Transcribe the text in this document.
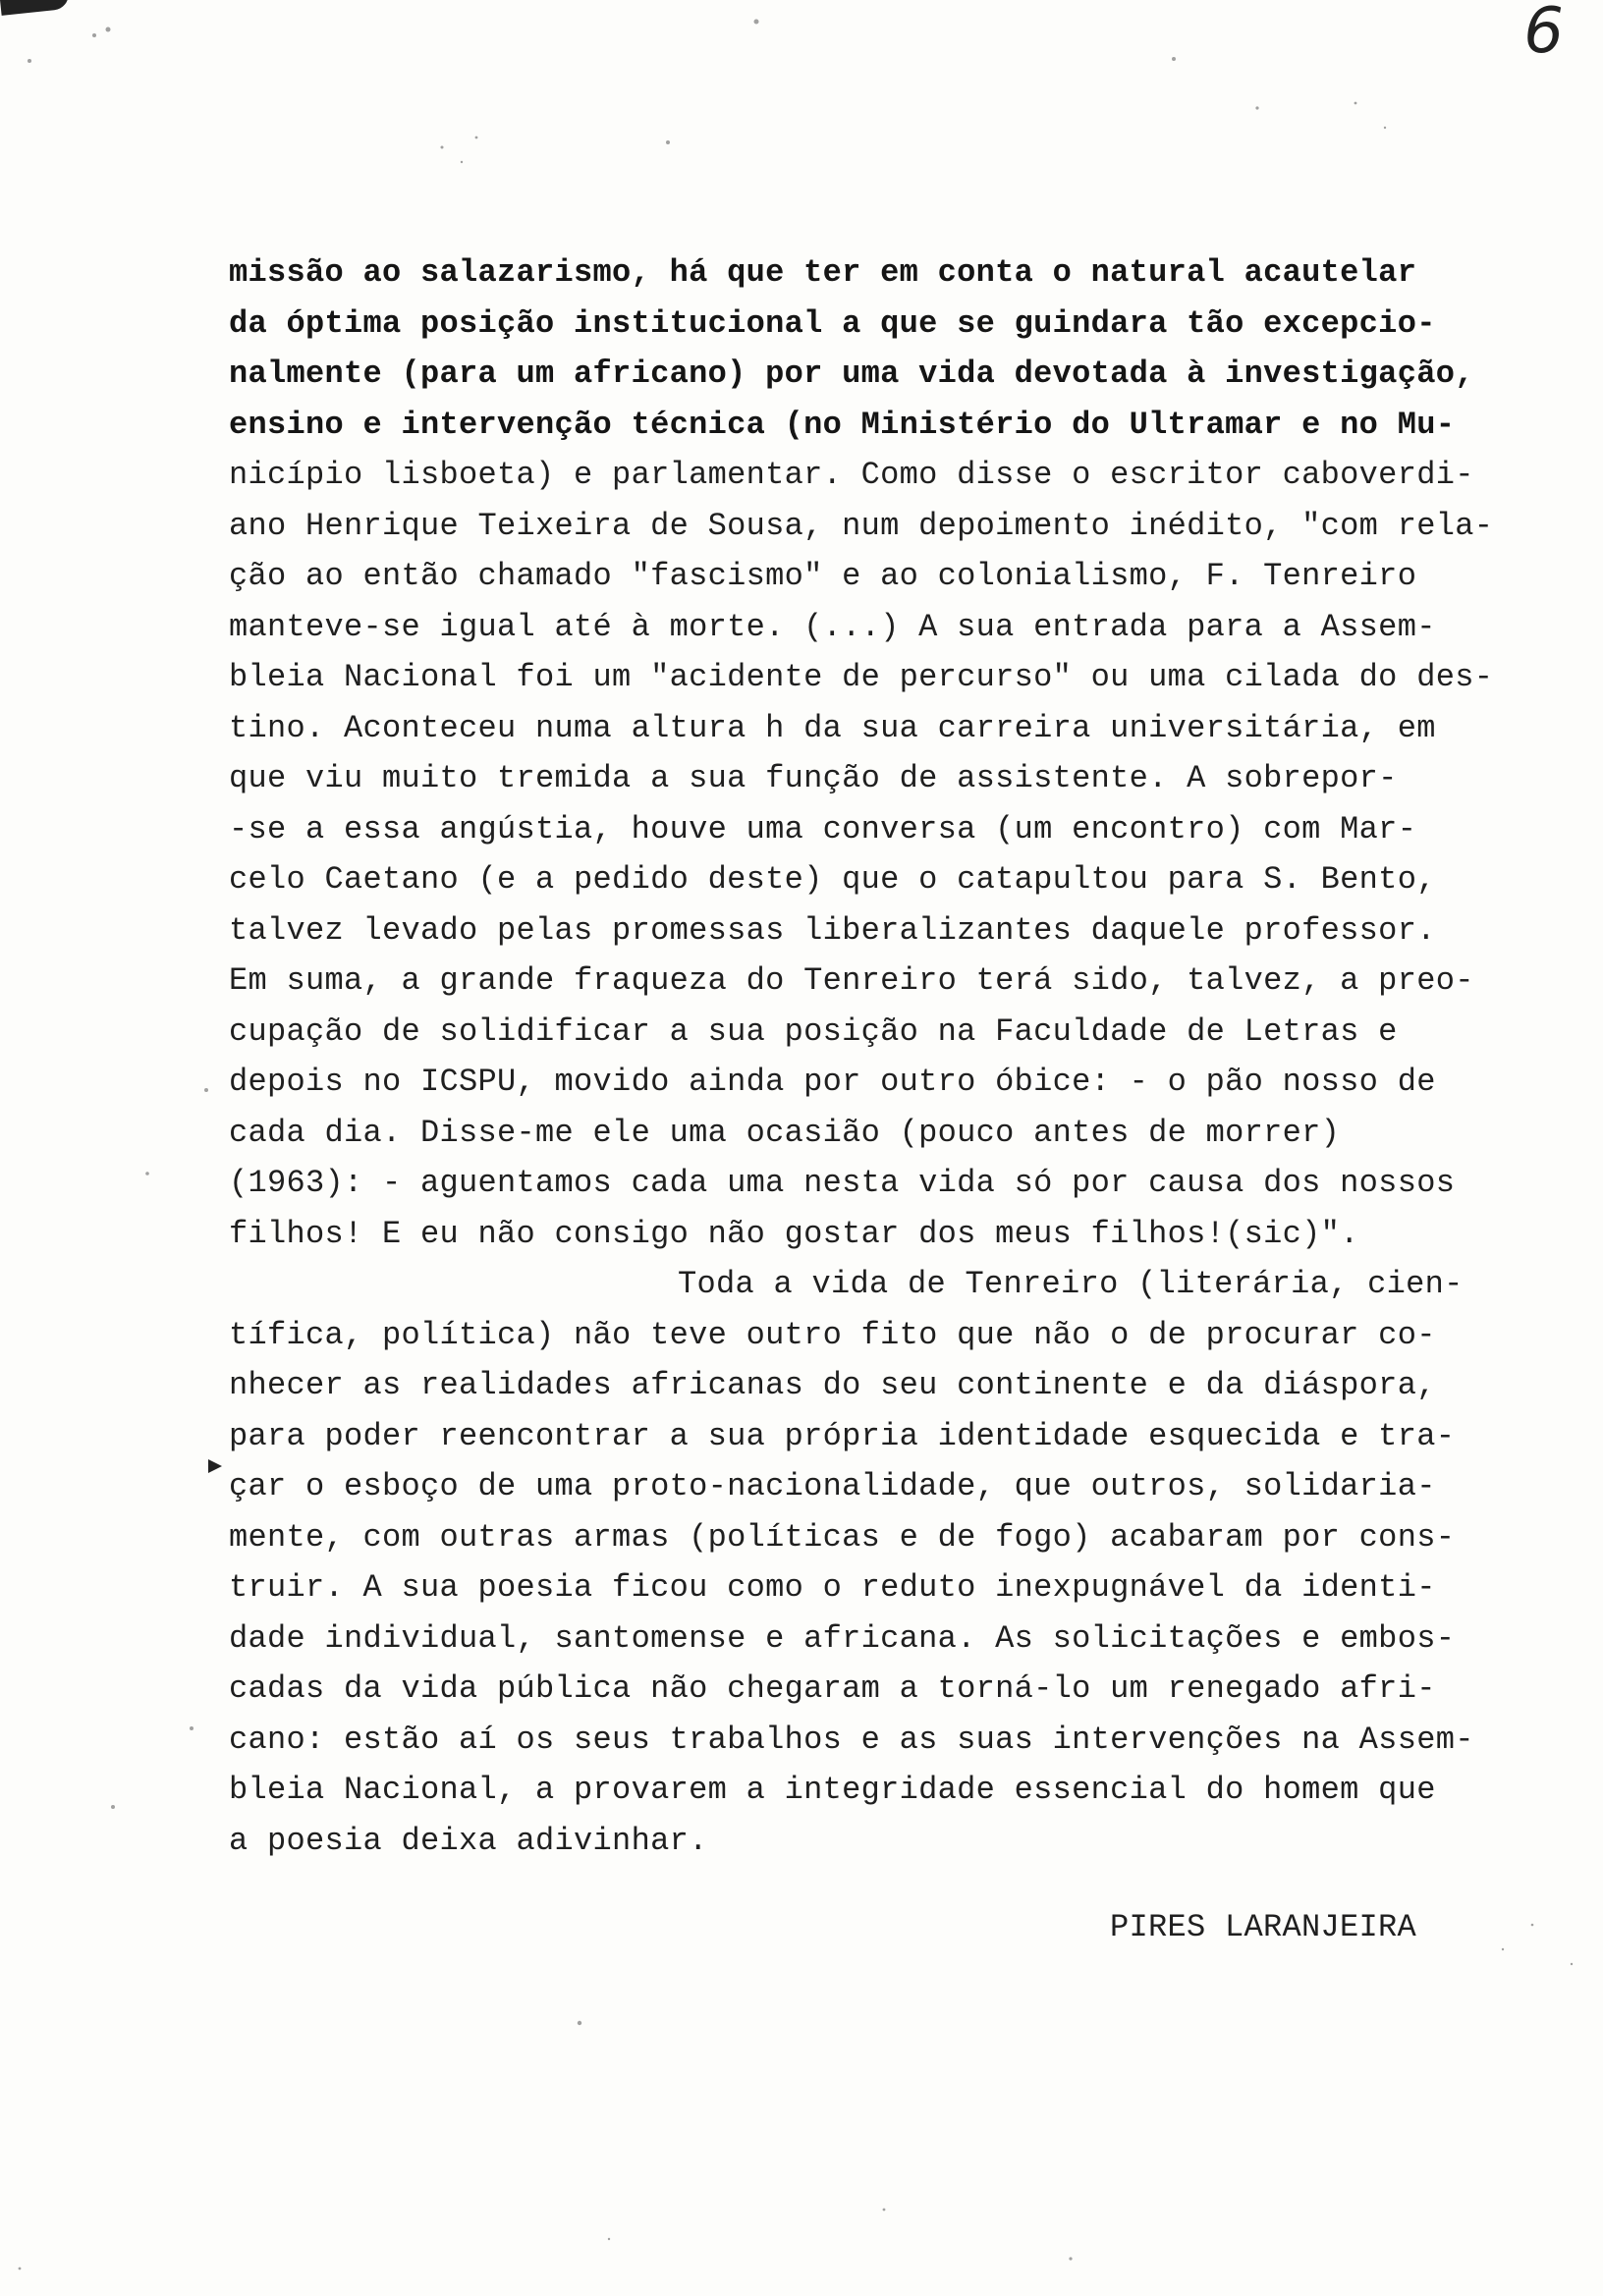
6
missão ao salazarismo, há que ter em conta o natural acautelar
da óptima posição institucional a que se guindara tão excepcio-
nalmente (para um africano) por uma vida devotada à investigação,
ensino e intervenção técnica (no Ministério do Ultramar e no Mu-
nicípio lisboeta) e parlamentar. Como disse o escritor caboverdi-
ano Henrique Teixeira de Sousa, num depoimento inédito, "com rela-
ção ao então chamado "fascismo" e ao colonialismo, F. Tenreiro
manteve-se igual até à morte. (...) A sua entrada para a Assem-
bleia Nacional foi um "acidente de percurso" ou uma cilada do des-
tino. Aconteceu numa altura h da sua carreira universitária, em
que viu muito tremida a sua função de assistente. A sobrepor-
-se a essa angústia, houve uma conversa (um encontro) com Mar-
celo Caetano (e a pedido deste) que o catapultou para S. Bento,
talvez levado pelas promessas liberalizantes daquele professor.
Em suma, a grande fraqueza do Tenreiro terá sido, talvez, a preo-
cupação de solidificar a sua posição na Faculdade de Letras e
depois no ICSPU, movido ainda por outro óbice: - o pão nosso de
cada dia. Disse-me ele uma ocasião (pouco antes de morrer)
(1963): - aguentamos cada uma nesta vida só por causa dos nossos
filhos! E eu não consigo não gostar dos meus filhos!(sic)".
Toda a vida de Tenreiro (literária, cien-
tífica, política) não teve outro fito que não o de procurar co-
nhecer as realidades africanas do seu continente e da diáspora,
para poder reencontrar a sua própria identidade esquecida e tra-
çar o esboço de uma proto-nacionalidade, que outros, solidaria-
mente, com outras armas (políticas e de fogo) acabaram por cons-
truir. A sua poesia ficou como o reduto inexpugnável da identi-
dade individual, santomense e africana. As solicitações e embos-
cadas da vida pública não chegaram a torná-lo um renegado afri-
cano: estão aí os seus trabalhos e as suas intervenções na Assem-
bleia Nacional, a provarem a integridade essencial do homem que
a poesia deixa adivinhar.
PIRES LARANJEIRA
